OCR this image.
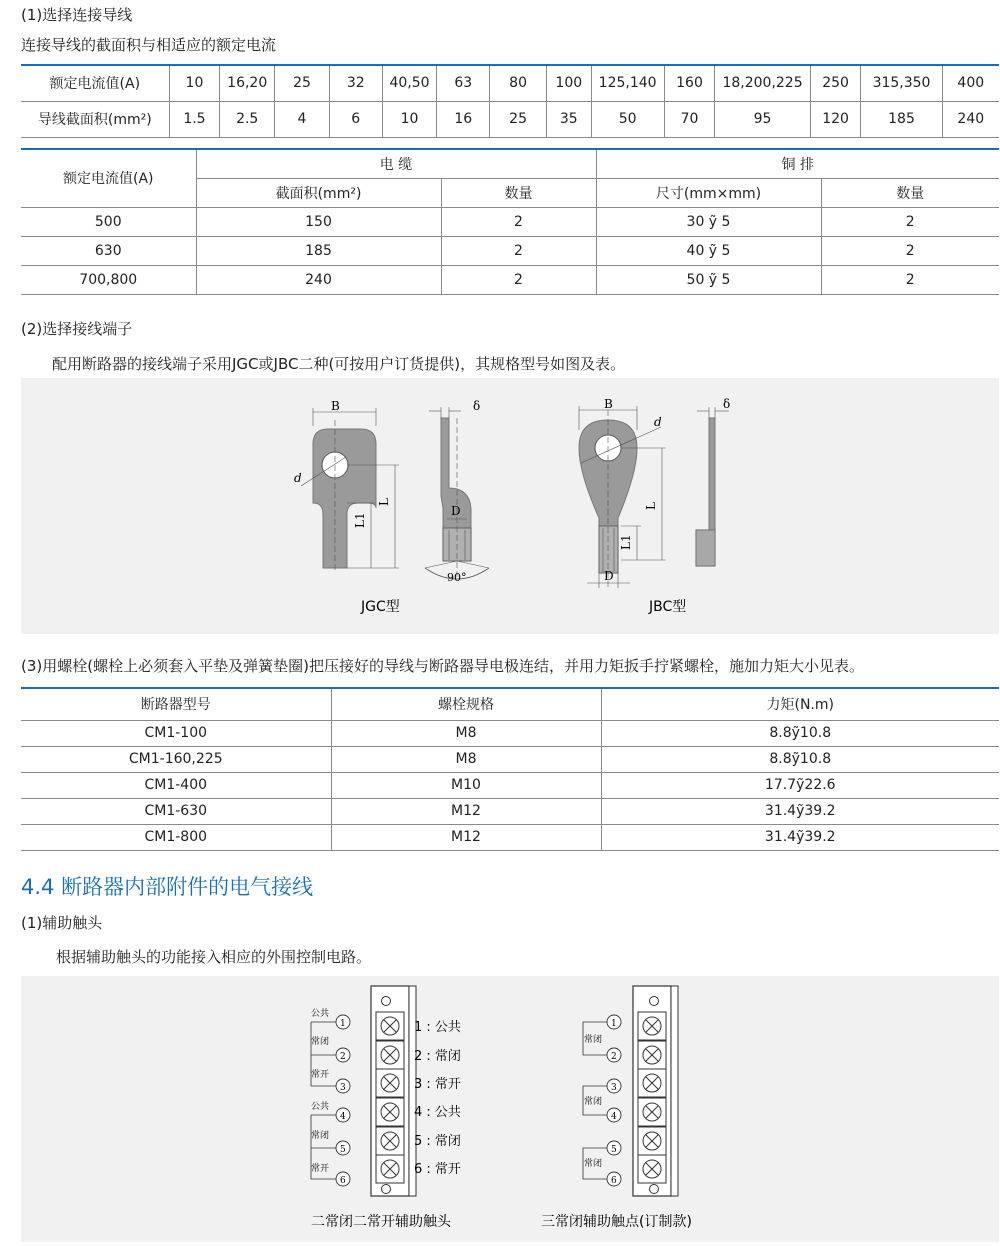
(1)选择连接导线
连接导线的截面积与相适应的额定电流
额定电流值(A)	10	16,20	25	32	40,50	63	80	100	125,140	160	18,200,225	250	315,350	400
导线截面积(mm²)	1.5	2.5	4	6	10	16	25	35	50	70	95	120	185	240
额定电流值(A)	电 缆		铜 排	
	截面积(mm²)	数量	尺寸(mm×mm)	数量
500	150	2	30 ỹ 5	2
630	185	2	40 ỹ 5	2
700,800	240	2	50 ỹ 5	2
(2)选择接线端子
配用断路器的接线端子采用JGC或JBC二种(可按用户订货提供)，其规格型号如图及表。
B
d
L
L1
δ
D
90°
JGC型
B
d
L
L1
D
δ
JBC型
(3)用螺栓(螺栓上必须套入平垫及弹簧垫圈)把压接好的导线与断路器导电极连结，并用力矩扳手拧紧螺栓，施加力矩大小见表。
断路器型号	螺栓规格	力矩(N.m)
CM1-100	M8	8.8ỹ10.8
CM1-160,225	M8	8.8ỹ10.8
CM1-400	M10	17.7ỹ22.6
CM1-630	M12	31.4ỹ39.2
CM1-800	M12	31.4ỹ39.2
4.4 断路器内部附件的电气接线
(1)辅助触头
根据辅助触头的功能接入相应的外围控制电路。
公共
1
常闭
2
常开
3
公共
4
常闭
5
常开
6
1 : 公共
2 : 常闭
3 : 常开
4 : 公共
5 : 常闭
6 : 常开
1
常闭
2
3
常闭
4
5
常闭
6
二常闭二常开辅助触头	三常闭辅助触点(订制款)
